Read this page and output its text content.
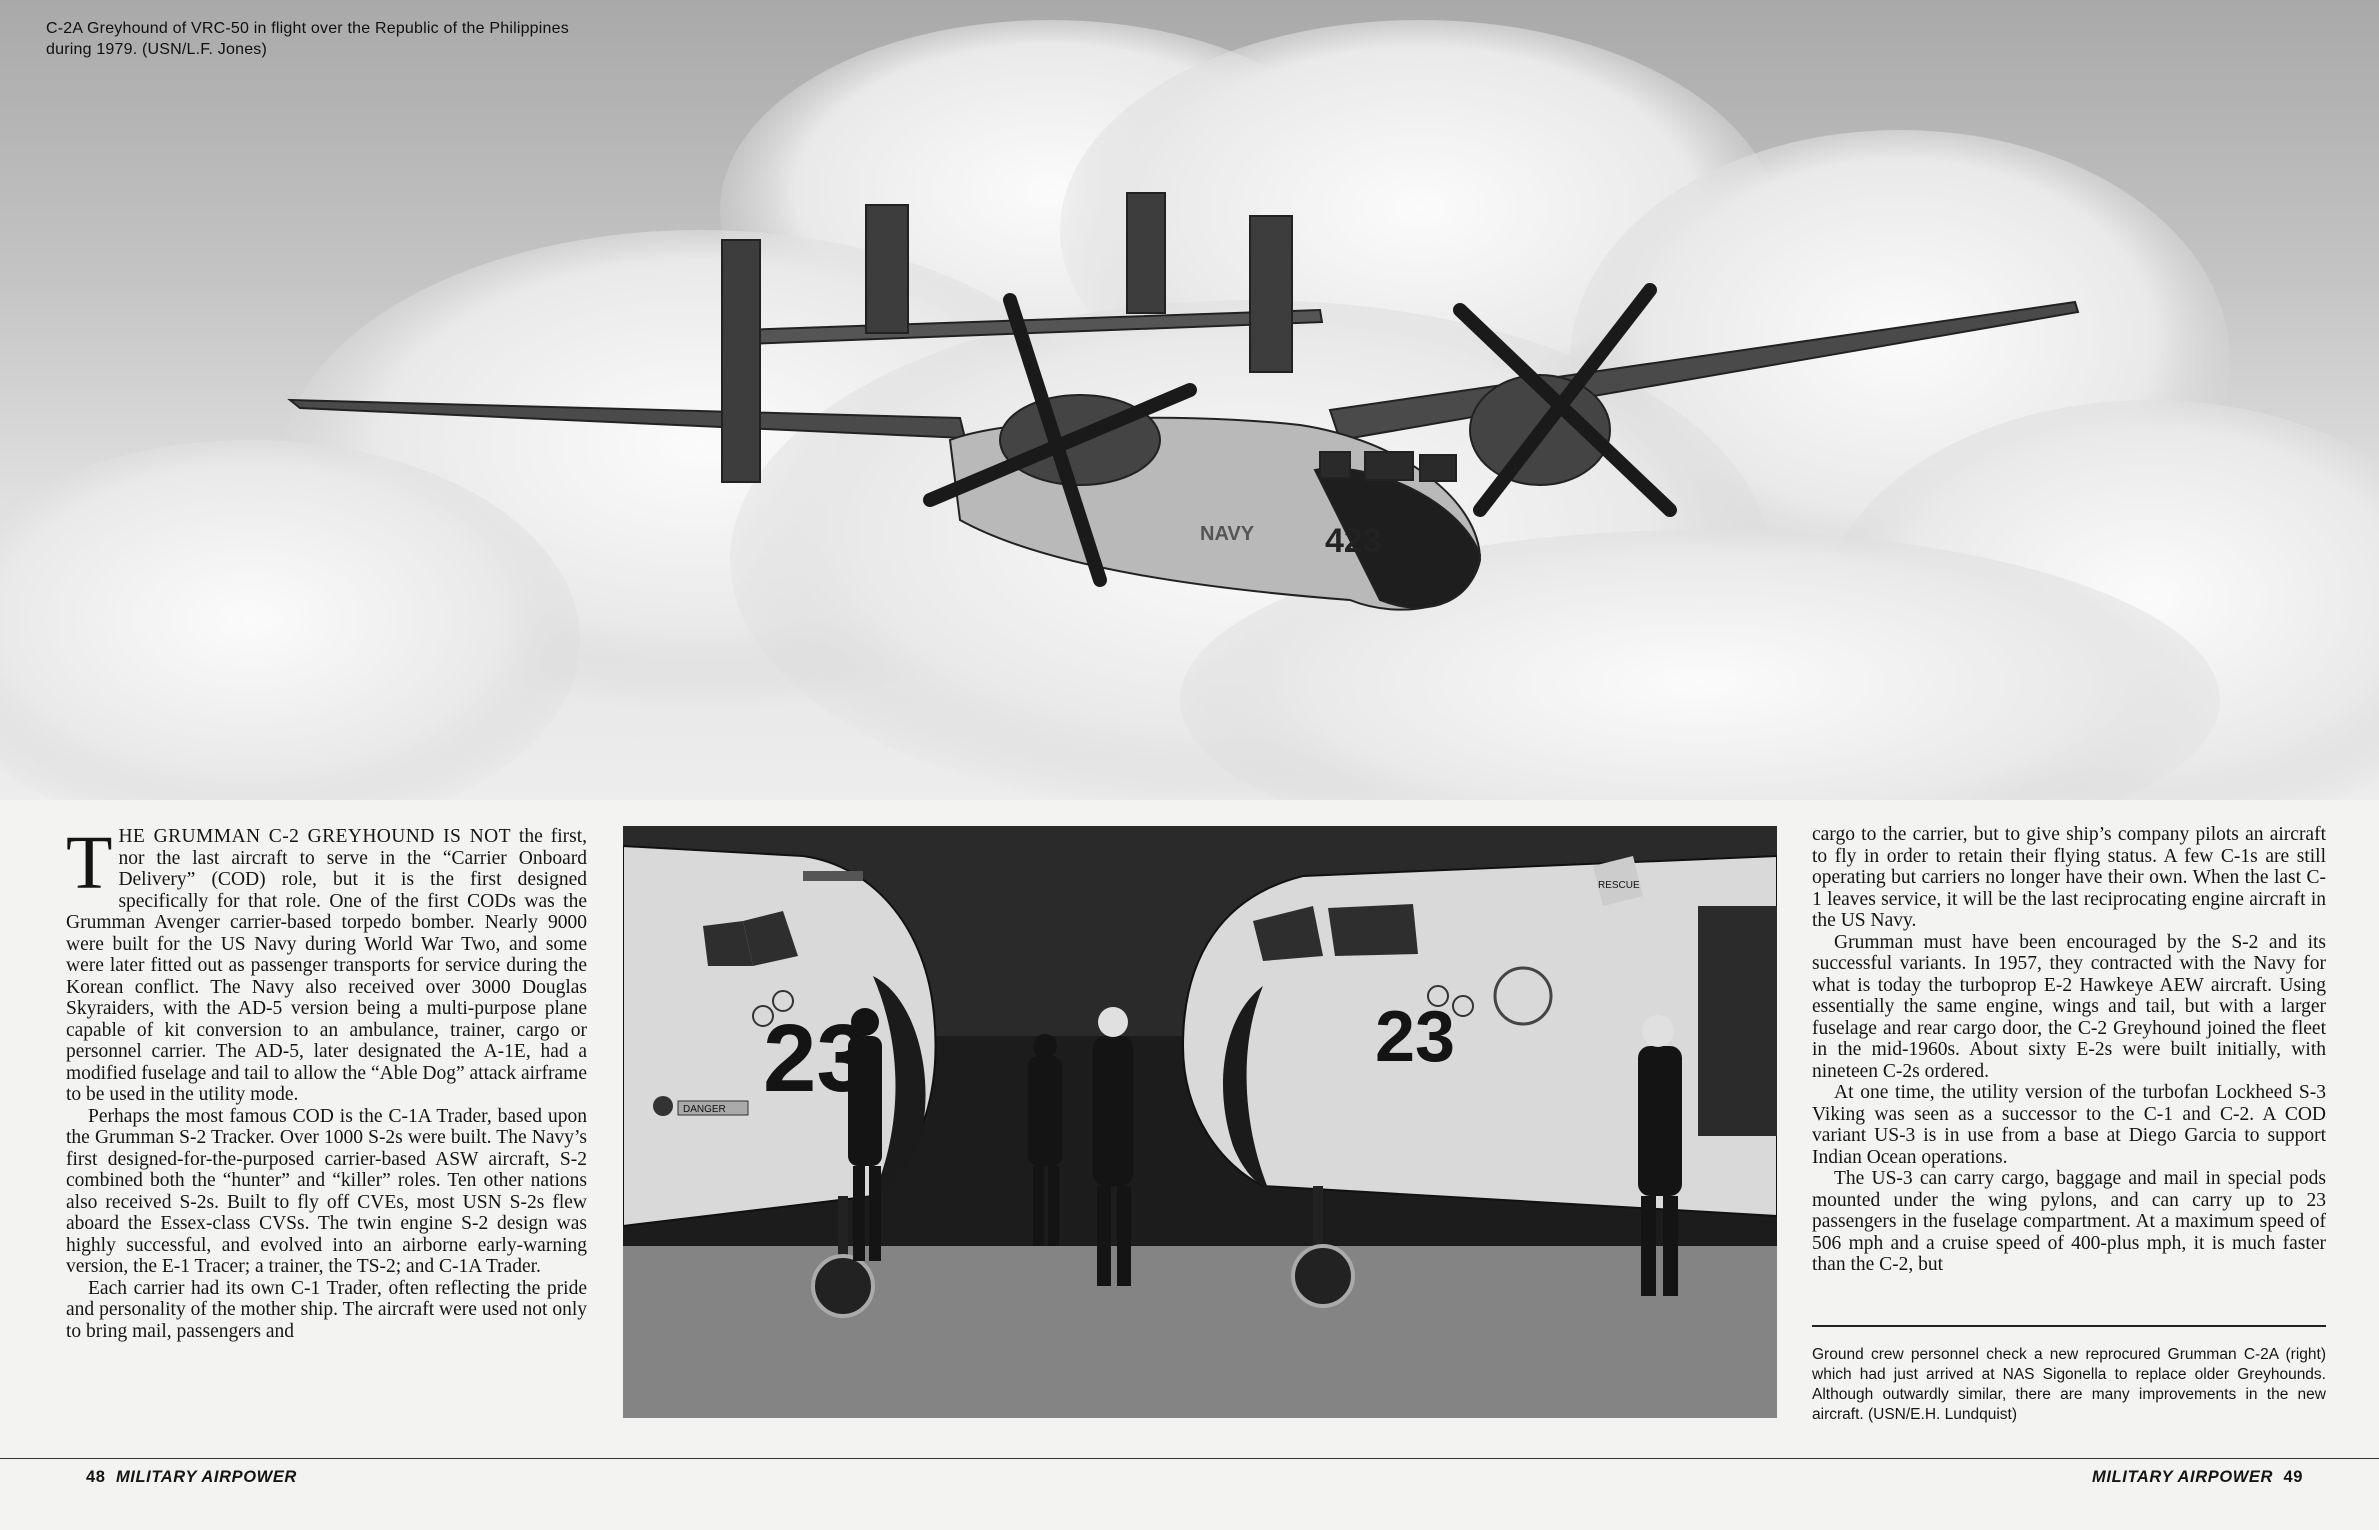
423
NAVY
C-2A Greyhound of VRC-50 in flight over the Republic of the Philippines during 1979. (USN/L.F. Jones)

THE GRUMMAN C-2 GREYHOUND IS NOT the first, nor the last aircraft to serve in the “Carrier Onboard Delivery” (COD) role, but it is the first designed specifically for that role. One of the first CODs was the Grumman Avenger carrier-based torpedo bomber. Nearly 9000 were built for the US Navy during World War Two, and some were later fitted out as passenger transports for service during the Korean conflict. The Navy also received over 3000 Douglas Skyraiders, with the AD-5 version being a multi-purpose plane capable of kit conversion to an ambulance, trainer, cargo or personnel carrier. The AD-5, later designated the A-1E, had a modified fuselage and tail to allow the “Able Dog” attack airframe to be used in the utility mode.

Perhaps the most famous COD is the C-1A Trader, based upon the Grumman S-2 Tracker. Over 1000 S-2s were built. The Navy’s first designed-for-the-purposed carrier-based ASW aircraft, S-2 combined both the “hunter” and “killer” roles. Ten other nations also received S-2s. Built to fly off CVEs, most USN S-2s flew aboard the Essex-class CVSs. The twin engine S-2 design was highly successful, and evolved into an airborne early-warning version, the E-1 Tracer; a trainer, the TS-2; and C-1A Trader.

Each carrier had its own C-1 Trader, often reflecting the pride and personality of the mother ship. The aircraft were used not only to bring mail, passengers and

23	23
DANGER
RESCUE

cargo to the carrier, but to give ship’s company pilots an aircraft to fly in order to retain their flying status. A few C-1s are still operating but carriers no longer have their own. When the last C-1 leaves service, it will be the last reciprocating engine aircraft in the US Navy.

Grumman must have been encouraged by the S-2 and its successful variants. In 1957, they contracted with the Navy for what is today the turboprop E-2 Hawkeye AEW aircraft. Using essentially the same engine, wings and tail, but with a larger fuselage and rear cargo door, the C-2 Greyhound joined the fleet in the mid-1960s. About sixty E-2s were built initially, with nineteen C-2s ordered.

At one time, the utility version of the turbofan Lockheed S-3 Viking was seen as a successor to the C-1 and C-2. A COD variant US-3 is in use from a base at Diego Garcia to support Indian Ocean operations.

The US-3 can carry cargo, baggage and mail in special pods mounted under the wing pylons, and can carry up to 23 passengers in the fuselage compartment. At a maximum speed of 506 mph and a cruise speed of 400-plus mph, it is much faster than the C-2, but

Ground crew personnel check a new reprocured Grumman C-2A (right) which had just arrived at NAS Sigonella to replace older Greyhounds. Although outwardly similar, there are many improvements in the new aircraft. (USN/E.H. Lundquist)
48 MILITARY AIRPOWER	MILITARY AIRPOWER 49
